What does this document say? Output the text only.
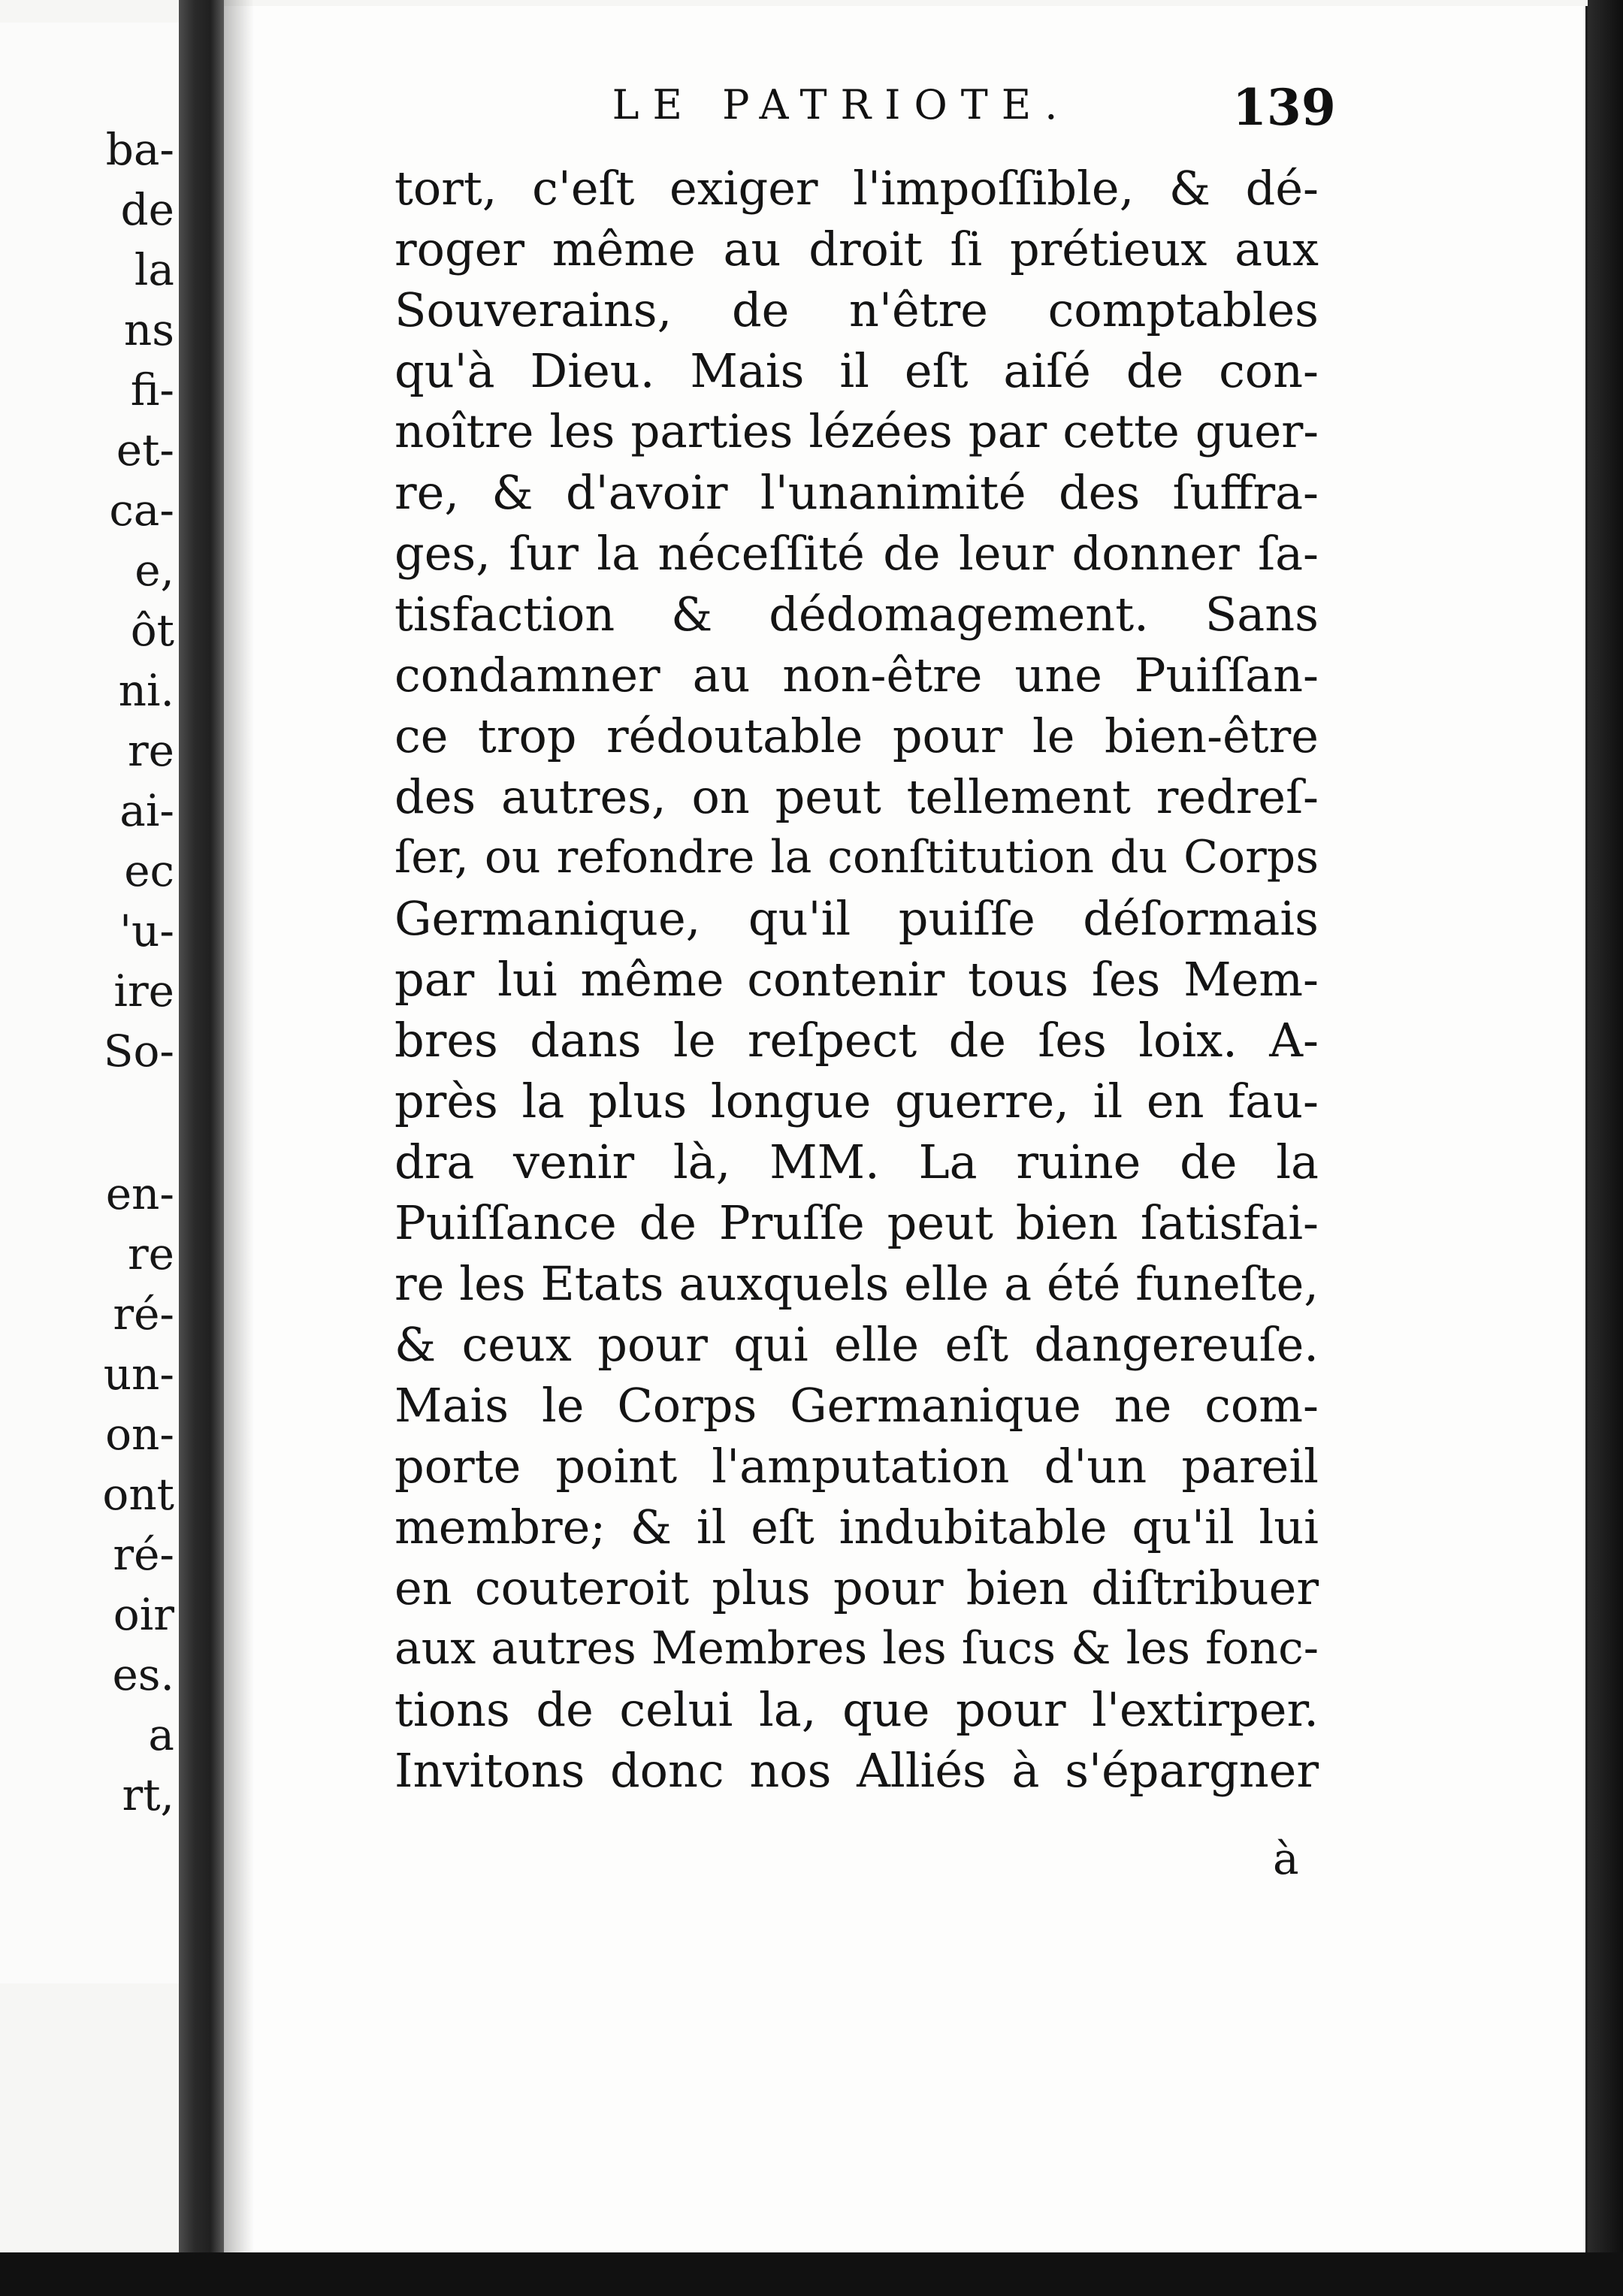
ba-
de
la
ns
fi-
et-
ca-
e,
ôt
ni.
re
ai-
ec
'u-
ire
So-
en-
re
ré-
un-
on-
ont
ré-
oir
es.
a
rt,
LE PATRIOTE.	139
tort, c'eſt exiger l'impoſſible, & dé-
roger même au droit ſi prétieux aux
Souverains, de n'être comptables
qu'à Dieu. Mais il eſt aiſé de con-
noître les parties lézées par cette guer-
re, & d'avoir l'unanimité des ſuffra-
ges, ſur la néceſſité de leur donner ſa-
tisfaction & dédomagement. Sans
condamner au non-être une Puiſſan-
ce trop rédoutable pour le bien-être
des autres, on peut tellement redreſ-
ſer, ou refondre la conſtitution du Corps
Germanique, qu'il puiſſe déſormais
par lui même contenir tous ſes Mem-
bres dans le reſpect de ſes loix. A-
près la plus longue guerre, il en fau-
dra venir là, MM. La ruine de la
Puiſſance de Pruſſe peut bien ſatisfai-
re les Etats auxquels elle a été funeſte,
& ceux pour qui elle eſt dangereuſe.
Mais le Corps Germanique ne com-
porte point l'amputation d'un pareil
membre; & il eſt indubitable qu'il lui
en couteroit plus pour bien diſtribuer
aux autres Membres les ſucs & les fonc-
tions de celui la, que pour l'extirper.
Invitons donc nos Alliés à s'épargner
à
